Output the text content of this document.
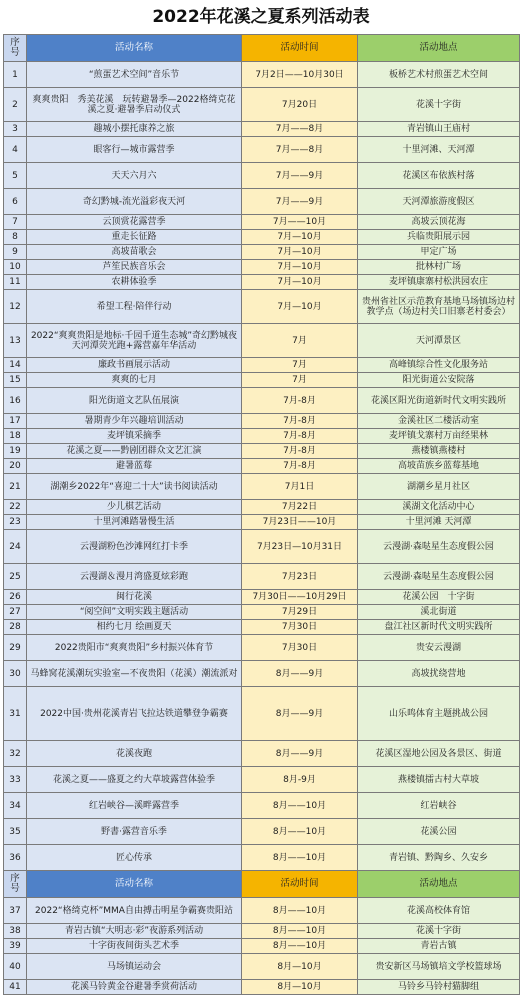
2022年花溪之夏系列活动表
序号	活动名称	活动时间	活动地点
1	“煎蛋艺术空间”音乐节	7月2日——10月30日	板桥艺术村煎蛋艺术空间
2	爽爽贵阳　秀美花溪　玩转避暑季—2022格绮克花溪之夏·避暑季启动仪式	7月20日	花溪十字街
3	趣城小摆托康养之旅	7月——8月	青岩镇山王庙村
4	眼客行—城市露营季	7月——8月	十里河滩、天河潭
5	天天六月六	7月——9月	花溪区布依族村落
6	奇幻黔城-流光溢彩夜天河	7月——9月	天河潭旅游度假区
7	云顶赏花露营季	7月——10月	高坡云顶花海
8	重走长征路	7月—10月	兵临贵阳展示园
9	高坡苗歌会	7月—10月	甲定广场
10	芦笙民族音乐会	7月—10月	批林村广场
11	农耕体验季	7月—10月	麦坪镇康寨村松洪园农庄
12	希望工程·陪伴行动	7月—10月	贵州省社区示范教育基地马场镇场边村教学点（场边村关口旧寨老村委会）
13	2022“爽爽贵阳是地标·千园千道生态城”奇幻黔城夜天河潭荧光跑+露营嘉年华活动	7月	天河潭景区
14	廉政书画展示活动	7月	高峰镇综合性文化服务站
15	爽爽的七月	7月	阳光街道公安院落
16	阳光街道文艺队伍展演	7月-8月	花溪区阳光街道新时代文明实践所
17	暑期青少年兴趣培训活动	7月-8月	金溪社区二楼活动室
18	麦坪镇采摘季	7月-8月	麦坪镇戈寨村万亩经果林
19	花溪之夏——黔剧团群众文艺汇演	7月-8月	燕楼镇燕楼村
20	避暑蓝莓	7月-8月	高坡苗族乡蓝莓基地
21	湖潮乡2022年“喜迎二十大”读书阅读活动	7月1日	湖潮乡星月社区
22	少儿棋艺活动	7月22日	溪湖文化活动中心
23	十里河滩踏暑慢生活	7月23日——10月	十里河滩 天河潭
24	云漫湖粉色沙滩网红打卡季	7月23日—10月31日	云漫湖·森哒星生态度假公园
25	云漫湖＆漫月湾盛夏炫彩跑	7月23日	云漫湖·森哒星生态度假公园
26	闽行花溪	7月30日——10月29日	花溪公园　十字街
27	“阅空间”文明实践主题活动	7月29日	溪北街道
28	相约七月 绘画夏天	7月30日	盘江社区新时代文明实践所
29	2022贵阳市“爽爽贵阳”乡村振兴体育节	7月30日	贵安云漫湖
30	马蜂窝花溪潮玩实验室—不夜贵阳（花溪）潮流派对	8月——9月	高坡扰绕营地
31	2022中国·贵州花溪青岩飞拉达铁道攀登争霸赛	8月——9月	山乐鸣体育主题挑战公园
32	花溪夜跑	8月——9月	花溪区湿地公园及各景区、街道
33	花溪之夏——盛夏之约大草坡露营体验季	8月-9月	燕楼镇擂古村大草坡
34	红岩峡谷—溪畔露营季	8月——10月	红岩峡谷
35	野書·露营音乐季	8月——10月	花溪公园
36	匠心传承	8月——10月	青岩镇、黔陶乡、久安乡
序号	活动名称	活动时间	活动地点
37	2022“格绮克杯”MMA自由搏击明星争霸赛贵阳站	8月——10月	花溪高校体育馆
38	青岩古镇“大明志·彩”夜游系列活动	8月——10月	花溪十字街
39	十字街夜间街头艺术季	8月——10月	青岩古镇
40	马场镇运动会	8月—10月	贵安新区马场镇培文学校篮球场
41	花溪马铃黄金谷避暑季赏荷活动	8月—10月	马铃乡马铃村猫脚组
